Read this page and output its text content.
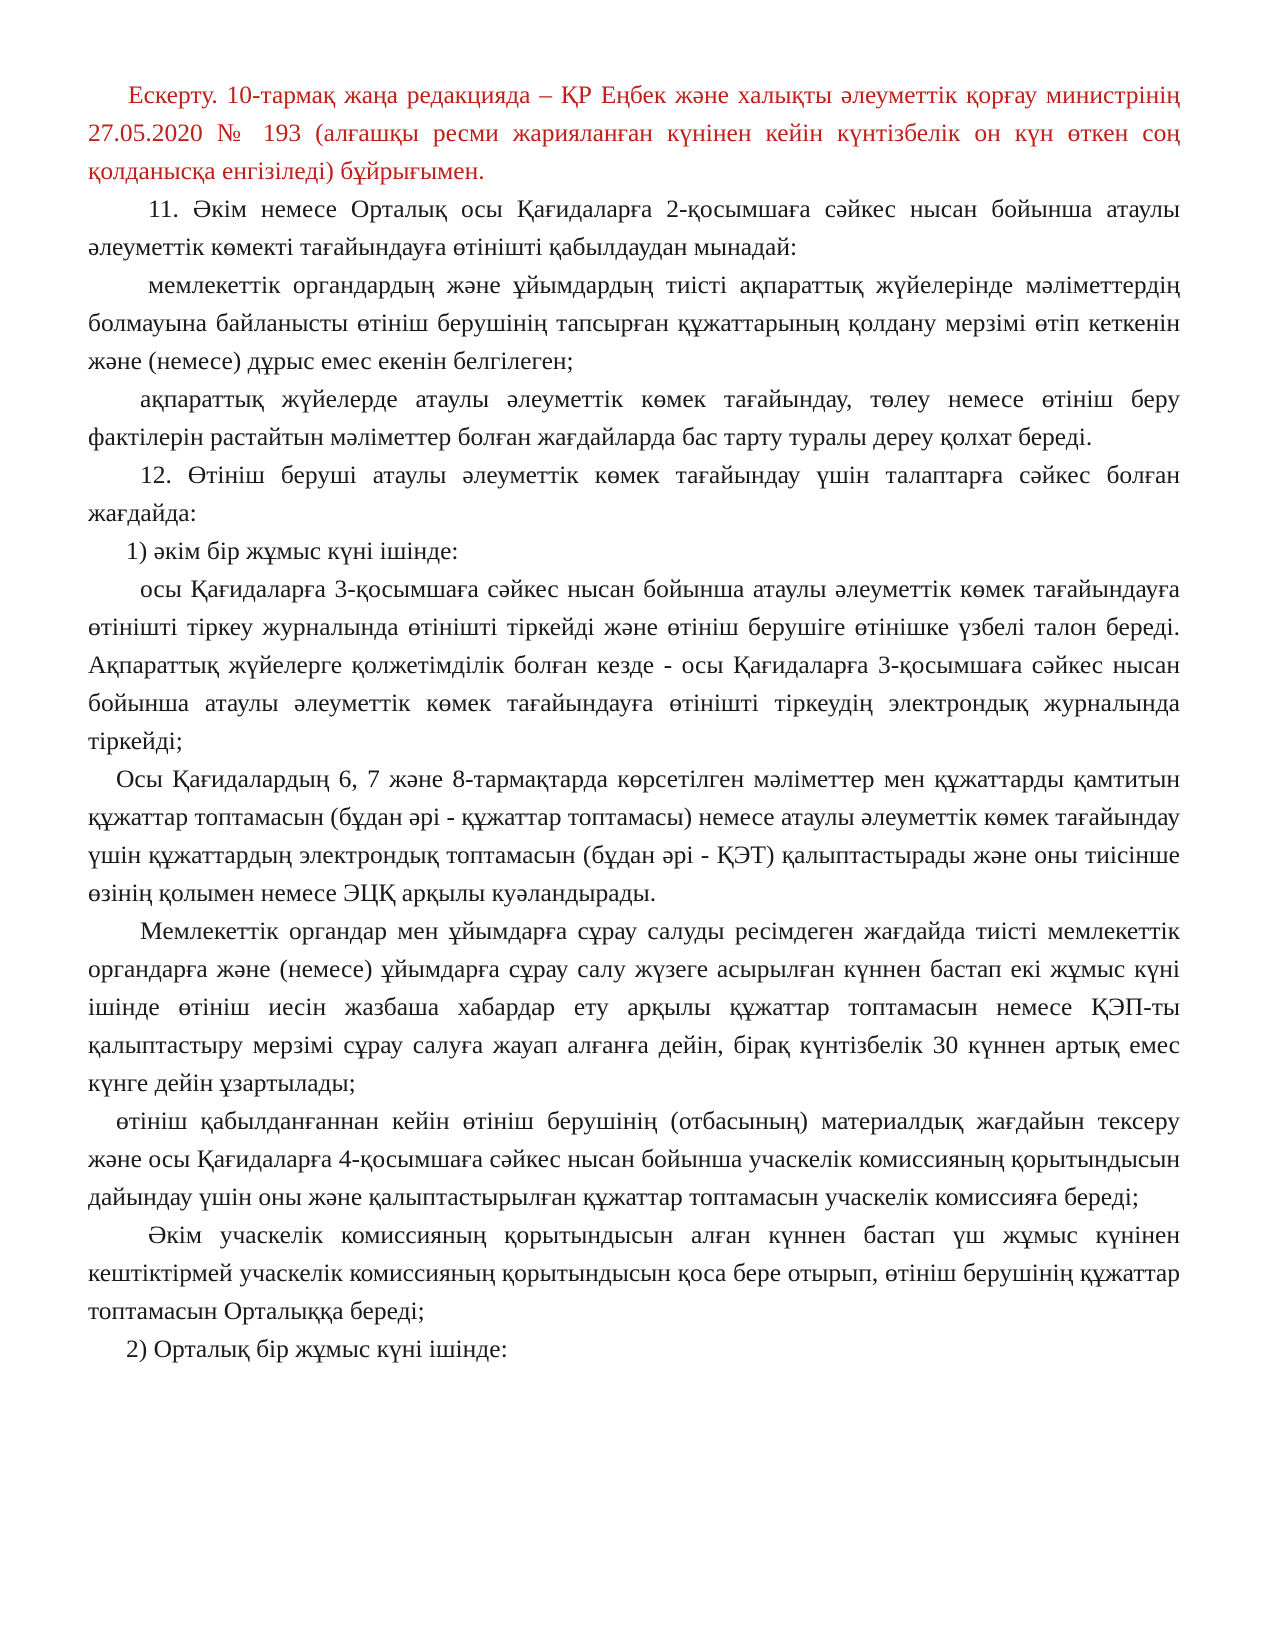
Ескерту. 10-тармақ жаңа редакцияда – ҚР Еңбек және халықты әлеуметтік қорғау министрінің 27.05.2020 № 193 (алғашқы ресми жарияланған күнінен кейін күнтізбелік он күн өткен соң қолданысқа енгізіледі) бұйрығымен.

11. Әкім немесе Орталық осы Қағидаларға 2-қосымшаға сәйкес нысан бойынша атаулы әлеуметтік көмекті тағайындауға өтінішті қабылдаудан мынадай:

мемлекеттік органдардың және ұйымдардың тиісті ақпараттық жүйелерінде мәліметтердің болмауына байланысты өтініш берушінің тапсырған құжаттарының қолдану мерзімі өтіп кеткенін және (немесе) дұрыс емес екенін белгілеген;

ақпараттық жүйелерде атаулы әлеуметтік көмек тағайындау, төлеу немесе өтініш беру фактілерін растайтын мәліметтер болған жағдайларда бас тарту туралы дереу қолхат береді.

12. Өтініш беруші атаулы әлеуметтік көмек тағайындау үшін талаптарға сәйкес болған жағдайда:

1) әкім бір жұмыс күні ішінде:

осы Қағидаларға 3-қосымшаға сәйкес нысан бойынша атаулы әлеуметтік көмек тағайындауға өтінішті тіркеу журналында өтінішті тіркейді және өтініш берушіге өтінішке үзбелі талон береді. Ақпараттық жүйелерге қолжетімділік болған кезде - осы Қағидаларға 3-қосымшаға сәйкес нысан бойынша атаулы әлеуметтік көмек тағайындауға өтінішті тіркеудің электрондық журналында тіркейді;

Осы Қағидалардың 6, 7 және 8-тармақтарда көрсетілген мәліметтер мен құжаттарды қамтитын құжаттар топтамасын (бұдан әрі - құжаттар топтамасы) немесе атаулы әлеуметтік көмек тағайындау үшін құжаттардың электрондық топтамасын (бұдан әрі - ҚЭТ) қалыптастырады және оны тиісінше өзінің қолымен немесе ЭЦҚ арқылы куәландырады.

Мемлекеттік органдар мен ұйымдарға сұрау салуды ресімдеген жағдайда тиісті мемлекеттік органдарға және (немесе) ұйымдарға сұрау салу жүзеге асырылған күннен бастап екі жұмыс күні ішінде өтініш иесін жазбаша хабардар ету арқылы құжаттар топтамасын немесе ҚЭП-ты қалыптастыру мерзімі сұрау салуға жауап алғанға дейін, бірақ күнтізбелік 30 күннен артық емес күнге дейін ұзартылады;

өтініш қабылданғаннан кейін өтініш берушінің (отбасының) материалдық жағдайын тексеру және осы Қағидаларға 4-қосымшаға сәйкес нысан бойынша учаскелік комиссияның қорытындысын дайындау үшін оны және қалыптастырылған құжаттар топтамасын учаскелік комиссияға береді;

Әкім учаскелік комиссияның қорытындысын алған күннен бастап үш жұмыс күнінен кештіктірмей учаскелік комиссияның қорытындысын қоса бере отырып, өтініш берушінің құжаттар топтамасын Орталыққа береді;

2) Орталық бір жұмыс күні ішінде:
